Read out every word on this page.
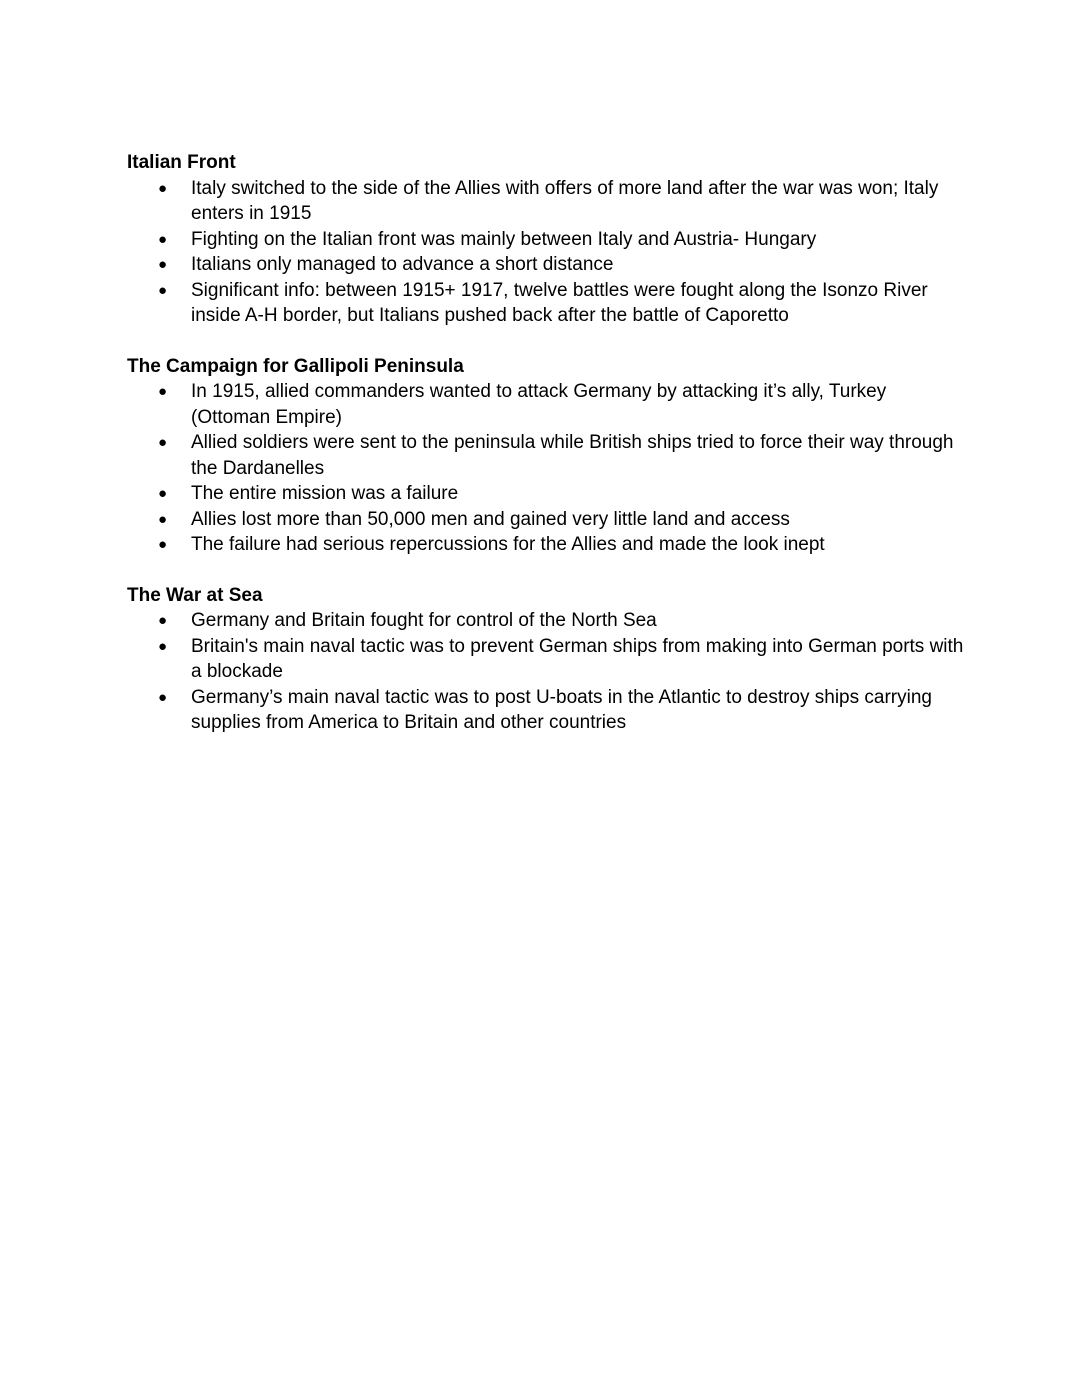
Italian Front
● Italy switched to the side of the Allies with offers of more land after the war was won; Italy enters in 1915
● Fighting on the Italian front was mainly between Italy and Austria- Hungary
● Italians only managed to advance a short distance
● Significant info: between 1915+ 1917, twelve battles were fought along the Isonzo River inside A-H border, but Italians pushed back after the battle of Caporetto
The Campaign for Gallipoli Peninsula
● In 1915, allied commanders wanted to attack Germany by attacking it’s ally, Turkey (Ottoman Empire)
● Allied soldiers were sent to the peninsula while British ships tried to force their way through the Dardanelles
● The entire mission was a failure
● Allies lost more than 50,000 men and gained very little land and access
● The failure had serious repercussions for the Allies and made the look inept
The War at Sea
● Germany and Britain fought for control of the North Sea
● Britain's main naval tactic was to prevent German ships from making into German ports with a blockade
● Germany’s main naval tactic was to post U-boats in the Atlantic to destroy ships carrying supplies from America to Britain and other countries
